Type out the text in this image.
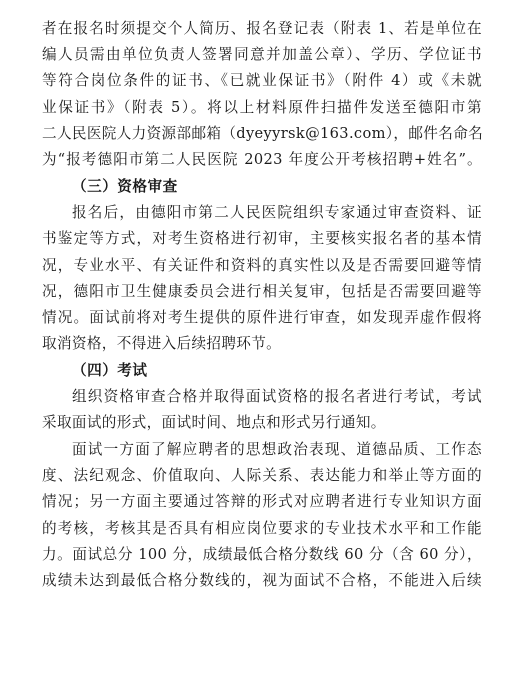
者在报名时须提交个人简历、报名登记表（附表 1、若是单位在
编人员需由单位负责人签署同意并加盖公章）、学历、学位证书
等符合岗位条件的证书、《已就业保证书》（附件 4）或《未就
业保证书》（附表 5）。将以上材料原件扫描件发送至德阳市第
二人民医院人力资源部邮箱（dyeyyrsk@163.com），邮件名命名
为“报考德阳市第二人民医院 2023 年度公开考核招聘+姓名”。
（三）资格审查
报名后，由德阳市第二人民医院组织专家通过审查资料、证
书鉴定等方式，对考生资格进行初审，主要核实报名者的基本情
况，专业水平、有关证件和资料的真实性以及是否需要回避等情
况，德阳市卫生健康委员会进行相关复审，包括是否需要回避等
情况。面试前将对考生提供的原件进行审查，如发现弄虚作假将
取消资格，不得进入后续招聘环节。
（四）考试
组织资格审查合格并取得面试资格的报名者进行考试，考试
采取面试的形式，面试时间、地点和形式另行通知。
面试一方面了解应聘者的思想政治表现、道德品质、工作态
度、法纪观念、价值取向、人际关系、表达能力和举止等方面的
情况；另一方面主要通过答辩的形式对应聘者进行专业知识方面
的考核，考核其是否具有相应岗位要求的专业技术水平和工作能
力。面试总分 100 分，成绩最低合格分数线 60 分（含 60 分），
成绩未达到最低合格分数线的，视为面试不合格，不能进入后续
